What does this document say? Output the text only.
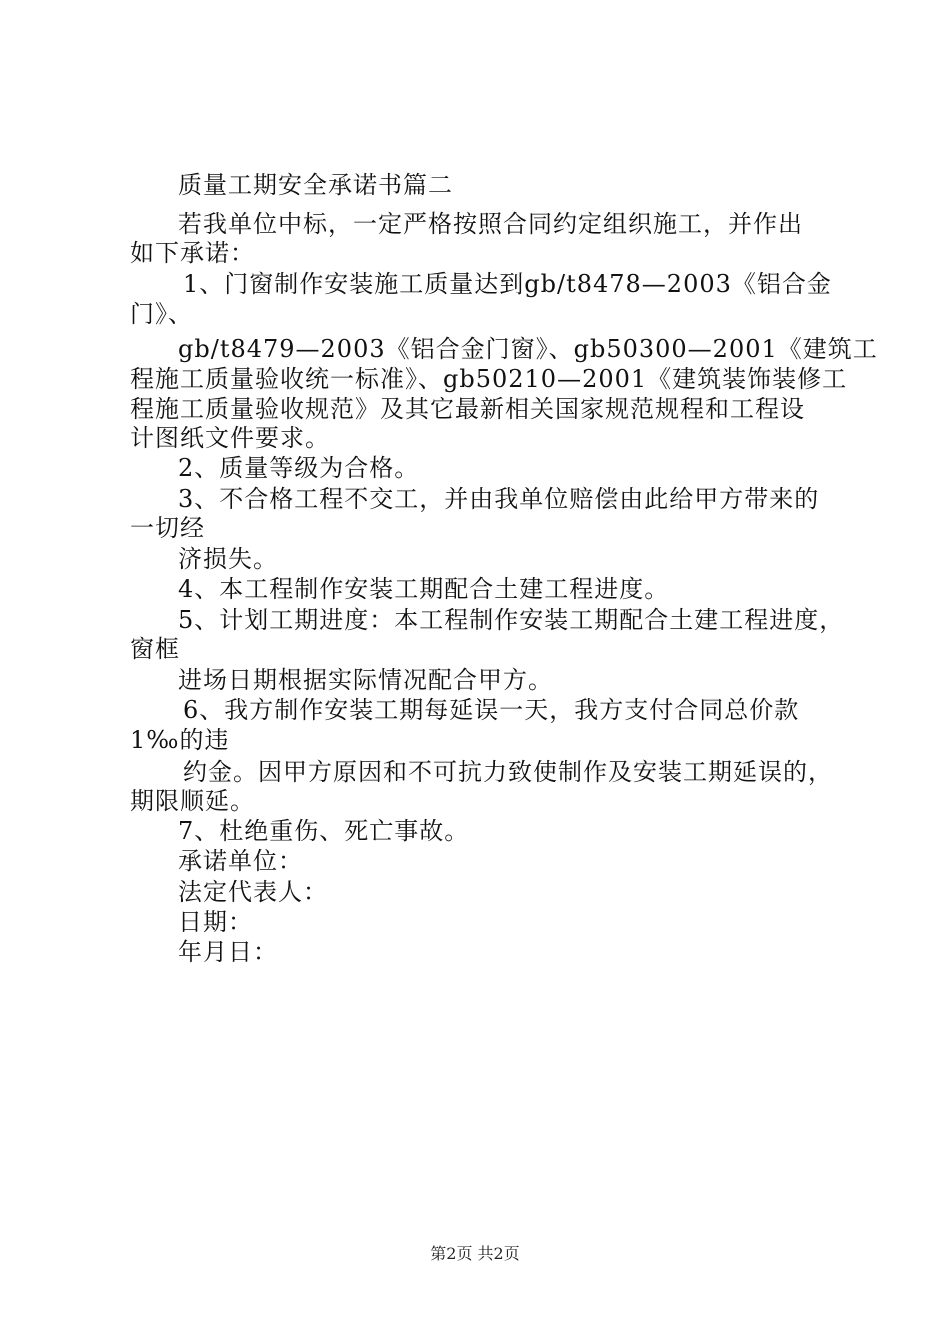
质量工期安全承诺书篇二
若我单位中标，一定严格按照合同约定组织施工，并作出
如下承诺：
1、门窗制作安装施工质量达到gb/t8478—2003《铝合金
门》、
gb/t8479—2003《铝合金门窗》、gb50300—2001《建筑工
程施工质量验收统一标准》、gb50210—2001《建筑装饰装修工
程施工质量验收规范》及其它最新相关国家规范规程和工程设
计图纸文件要求。
2、质量等级为合格。
3、不合格工程不交工，并由我单位赔偿由此给甲方带来的
一切经
济损失。
4、本工程制作安装工期配合土建工程进度。
5、计划工期进度：本工程制作安装工期配合土建工程进度，
窗框
进场日期根据实际情况配合甲方。
6、我方制作安装工期每延误一天，我方支付合同总价款
1‰的违
约金。因甲方原因和不可抗力致使制作及安装工期延误的，
期限顺延。
7、杜绝重伤、死亡事故。
承诺单位：
法定代表人：
日期：
年月日：
第2页 共2页
